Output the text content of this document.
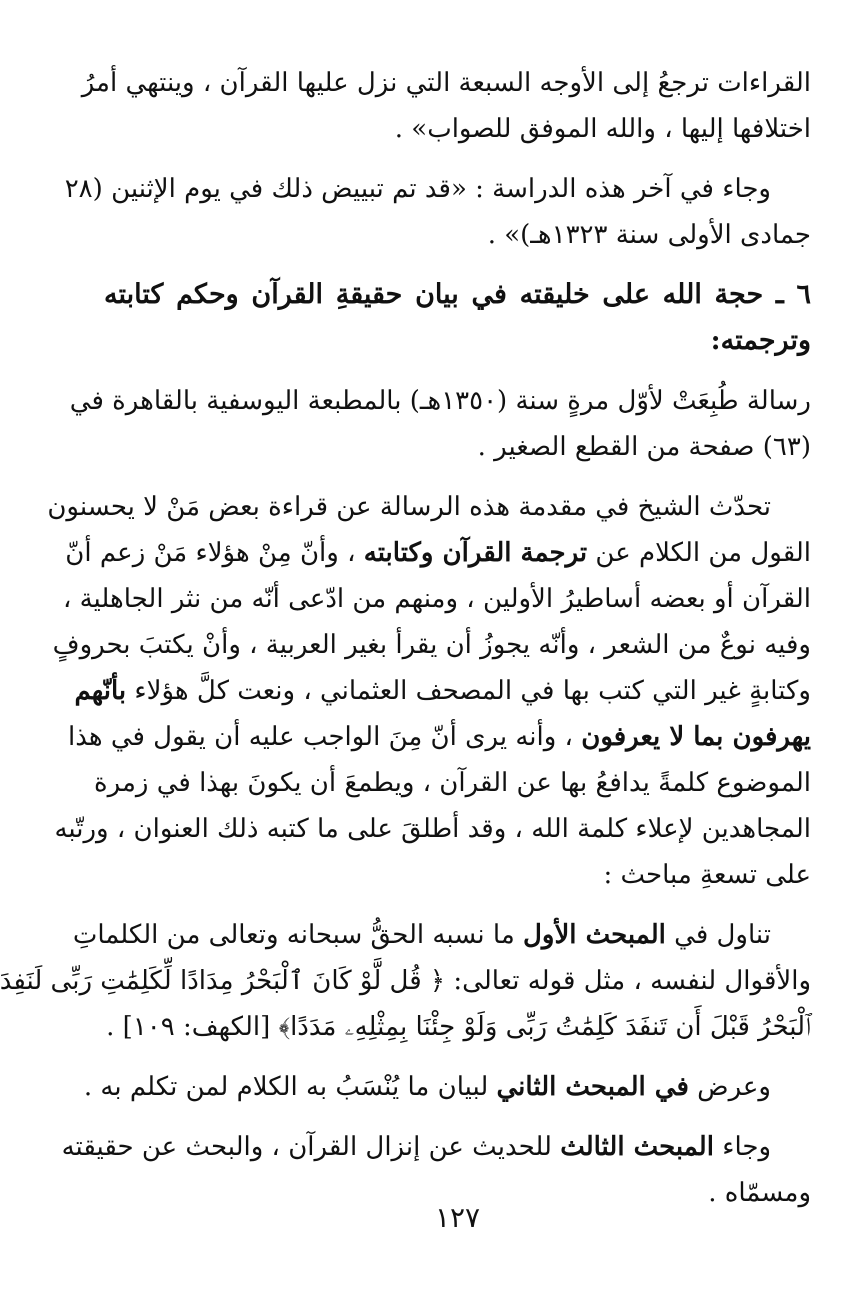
القراءات ترجعُ إلى الأوجه السبعة التي نزل عليها القرآن ، وينتهي أمرُ
اختلافها إليها ، والله الموفق للصواب» .
وجاء في آخر هذه الدراسة : «قد تم تبييض ذلك في يوم الإثنين (٢٨
جمادى الأولى سنة ١٣٢٣هـ)» .
٦ ـ حجة الله على خليقته في بيان حقيقةِ القرآن وحكم كتابته
وترجمته:
رسالة طُبِعَتْ لأوّل مرةٍ سنة (١٣٥٠هـ) بالمطبعة اليوسفية بالقاهرة في
(٦٣) صفحة من القطع الصغير .
تحدّث الشيخ في مقدمة هذه الرسالة عن قراءة بعض مَنْ لا يحسنون
القول من الكلام عن ترجمة القرآن وكتابته ، وأنّ مِنْ هؤلاء مَنْ زعم أنّ
القرآن أو بعضه أساطيرُ الأولين ، ومنهم من ادّعى أنّه من نثر الجاهلية ،
وفيه نوعٌ من الشعر ، وأنّه يجوزُ أن يقرأ بغير العربية ، وأنْ يكتبَ بحروفٍ
وكتابةٍ غير التي كتب بها في المصحف العثماني ، ونعت كلَّ هؤلاء بأنّهم
يهرفون بما لا يعرفون ، وأنه يرى أنّ مِنَ الواجب عليه أن يقول في هذا
الموضوع كلمةً يدافعُ بها عن القرآن ، ويطمعَ أن يكونَ بهذا في زمرة
المجاهدين لإعلاء كلمة الله ، وقد أطلقَ على ما كتبه ذلك العنوان ، ورتّبه
على تسعةِ مباحث :
تناول في المبحث الأول ما نسبه الحقُّ سبحانه وتعالى من الكلماتِ
والأقوال لنفسه ، مثل قوله تعالى: ﴿ قُل لَّوْ كَانَ ٱلْبَحْرُ مِدَادًا لِّكَلِمَٰتِ رَبِّى لَنَفِدَ
ٱلْبَحْرُ قَبْلَ أَن تَنفَدَ كَلِمَٰتُ رَبِّى وَلَوْ جِئْنَا بِمِثْلِهِۦ مَدَدًا﴾ [الكهف: ١٠٩] .
وعرض في المبحث الثاني لبيان ما يُنْسَبُ به الكلام لمن تكلم به .
وجاء المبحث الثالث للحديث عن إنزال القرآن ، والبحث عن حقيقته
ومسمّاه .
١٢٧
